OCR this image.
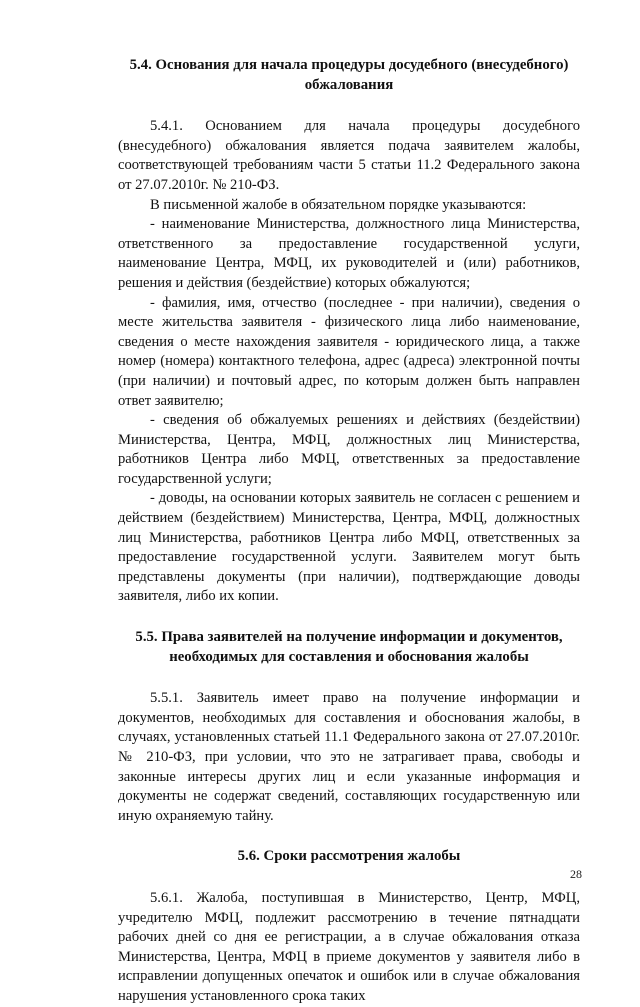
5.4. Основания для начала процедуры досудебного (внесудебного) обжалования

5.4.1. Основанием для начала процедуры досудебного (внесудебного) обжалования является подача заявителем жалобы, соответствующей требованиям части 5 статьи 11.2 Федерального закона от 27.07.2010г. № 210-ФЗ.

В письменной жалобе в обязательном порядке указываются:

- наименование Министерства, должностного лица Министерства, ответственного за предоставление государственной услуги, наименование Центра, МФЦ, их руководителей и (или) работников, решения и действия (бездействие) которых обжалуются;

- фамилия, имя, отчество (последнее - при наличии), сведения о месте жительства заявителя - физического лица либо наименование, сведения о месте нахождения заявителя - юридического лица, а также номер (номера) контактного телефона, адрес (адреса) электронной почты (при наличии) и почтовый адрес, по которым должен быть направлен ответ заявителю;

- сведения об обжалуемых решениях и действиях (бездействии) Министерства, Центра, МФЦ, должностных лиц Министерства, работников Центра либо МФЦ, ответственных за предоставление государственной услуги;

- доводы, на основании которых заявитель не согласен с решением и действием (бездействием) Министерства, Центра, МФЦ, должностных лиц Министерства, работников Центра либо МФЦ, ответственных за предоставление государственной услуги. Заявителем могут быть представлены документы (при наличии), подтверждающие доводы заявителя, либо их копии.

5.5. Права заявителей на получение информации и документов, необходимых для составления и обоснования жалобы

5.5.1. Заявитель имеет право на получение информации и документов, необходимых для составления и обоснования жалобы, в случаях, установленных статьей 11.1 Федерального закона от 27.07.2010г. № 210-ФЗ, при условии, что это не затрагивает права, свободы и законные интересы других лиц и если указанные информация и документы не содержат сведений, составляющих государственную или иную охраняемую тайну.

5.6. Сроки рассмотрения жалобы

5.6.1. Жалоба, поступившая в Министерство, Центр, МФЦ, учредителю МФЦ, подлежит рассмотрению в течение пятнадцати рабочих дней со дня ее регистрации, а в случае обжалования отказа Министерства, Центра, МФЦ в приеме документов у заявителя либо в исправлении допущенных опечаток и ошибок или в случае обжалования нарушения установленного срока таких

28
